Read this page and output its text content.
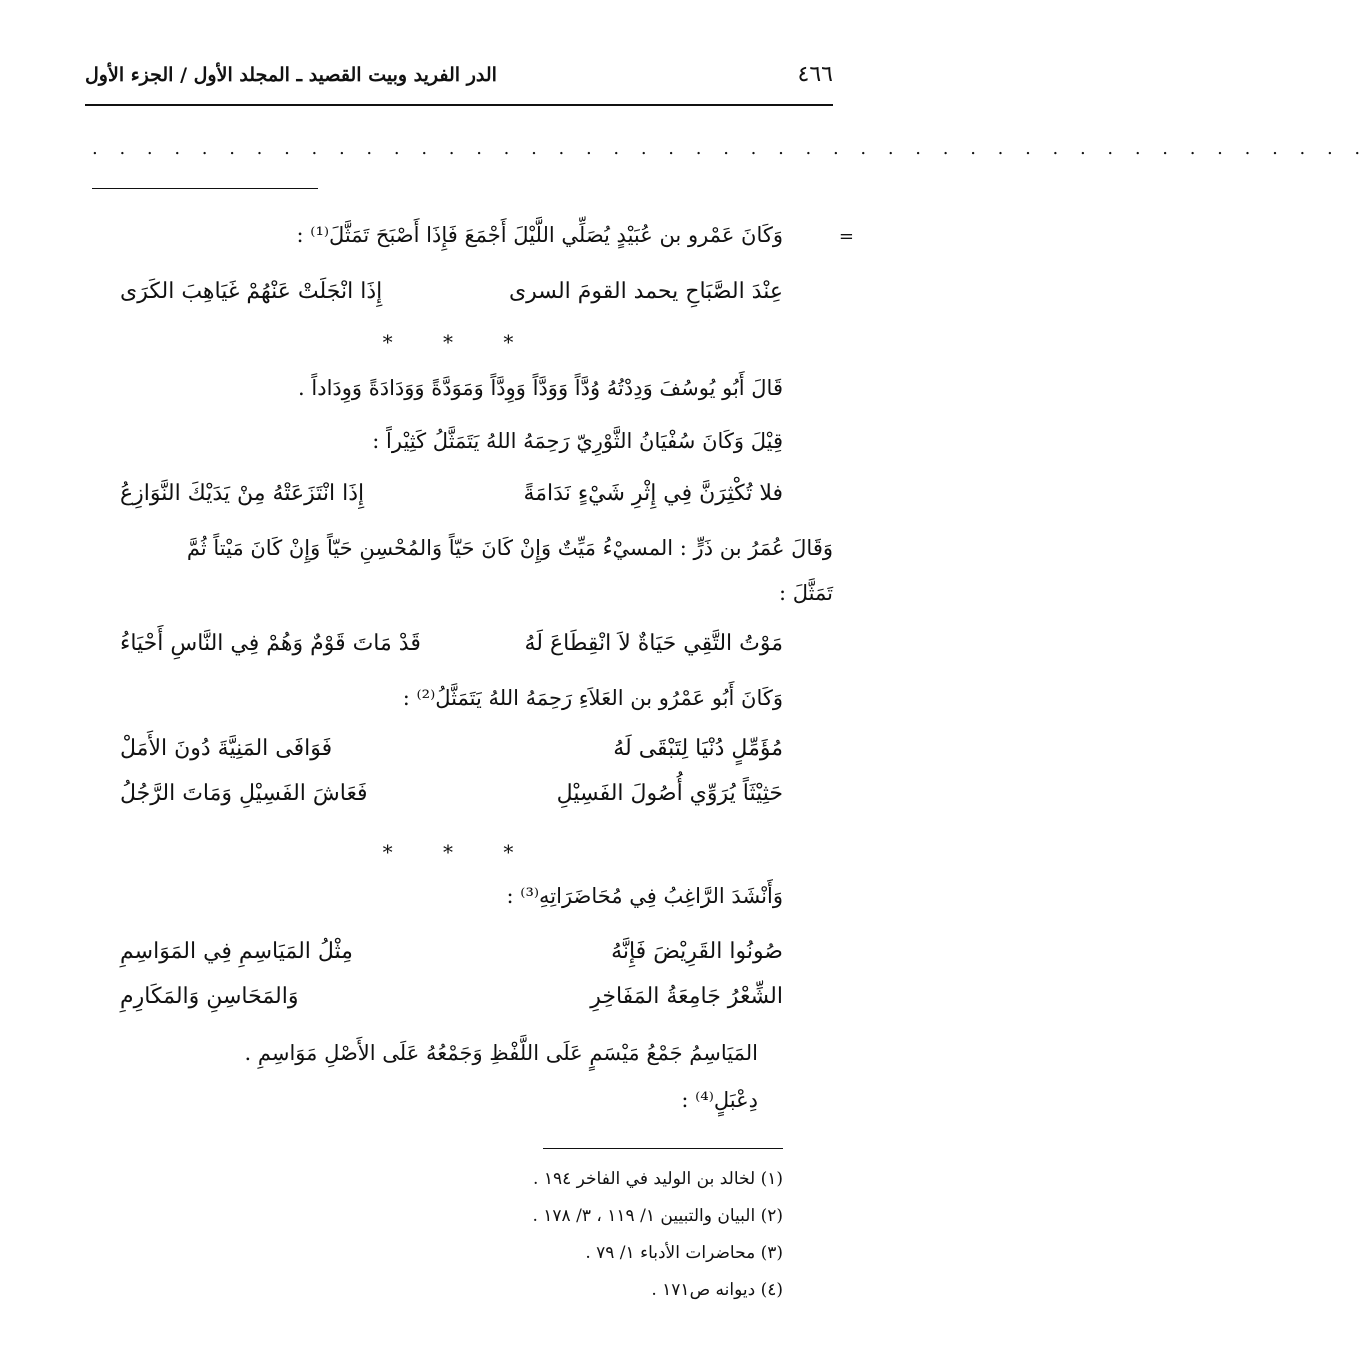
٤٦٦
الدر الفريد وبيت القصيد ـ المجلد الأول / الجزء الأول
. . . . . . . . . . . . . . . . . . . . . . . . . . . . . . . . . . . . . . . . . . . . . . .
=
وَكَانَ عَمْرو بن عُبَيْدٍ يُصَلِّي اللَّيْلَ أَجْمَعَ فَإِذَا أَصْبَحَ تَمَثَّلَ⁽¹⁾ :
عِنْدَ الصَّبَاحِ يحمد القومَ السرى
إِذَا انْجَلَتْ عَنْهُمْ غَيَاهِبَ الكَرَى
* * *
قَالَ أَبُو يُوسُفَ وَدِدْتُهُ وُدَّاً وَوَدَّاً وَوِدَّاً وَمَوَدَّةً وَوَدَادَةً وَوِدَاداً .
قِيْلَ وَكَانَ سُفْيَانُ الثَّوْرِيّ رَحِمَهُ اللهُ يَتَمَثَّلُ كَثِيْراً :
فلا تُكْثِرَنَّ فِي إِثْرِ شَيْءٍ نَدَامَةً
إِذَا انْتَزَعَتْهُ مِنْ يَدَيْكَ النَّوَازِعُ
وَقَالَ عُمَرُ بن ذَرٍّ : المسيْءُ مَيِّتٌ وَإِنْ كَانَ حَيّاً وَالمُحْسِنِ حَيّاً وَإِنْ كَانَ مَيْتاً ثُمَّ
تَمَثَّلَ :
مَوْتُ التَّقِي حَيَاةٌ لاَ انْقِطَاعَ لَهُ
قَدْ مَاتَ قَوْمٌ وَهُمْ فِي النَّاسِ أَحْيَاءُ
وَكَانَ أَبُو عَمْرُو بن العَلاَءِ رَحِمَهُ اللهُ يَتَمَثَّلُ⁽²⁾ :
مُؤَمِّلٍ دُنْيَا لِتَبْقَى لَهُ
فَوَافَى المَنِيَّةَ دُونَ الأَمَلْ
حَثِيْثَاً يُرَوِّي أُصُولَ الفَسِيْلِ
فَعَاشَ الفَسِيْلِ وَمَاتَ الرَّجُلُ
* * *
وَأَنْشَدَ الرَّاغِبُ فِي مُحَاضَرَاتِهِ⁽³⁾ :
صُونُوا القَرِيْضَ فَإِنَّهُ
مِثْلُ المَيَاسِمِ فِي المَوَاسِمِ
الشِّعْرُ جَامِعَةُ المَفَاخِرِ
وَالمَحَاسِنِ وَالمَكَارِمِ
المَيَاسِمُ جَمْعُ مَيْسَمٍ عَلَى اللَّفْظِ وَجَمْعُهُ عَلَى الأَصْلِ مَوَاسِمِ .
دِعْبَلٍ⁽⁴⁾ :
(١) لخالد بن الوليد في الفاخر ١٩٤ .
(٢) البيان والتبيين ١/ ١١٩ ، ٣/ ١٧٨ .
(٣) محاضرات الأدباء ١/ ٧٩ .
(٤) ديوانه ص١٧١ .
